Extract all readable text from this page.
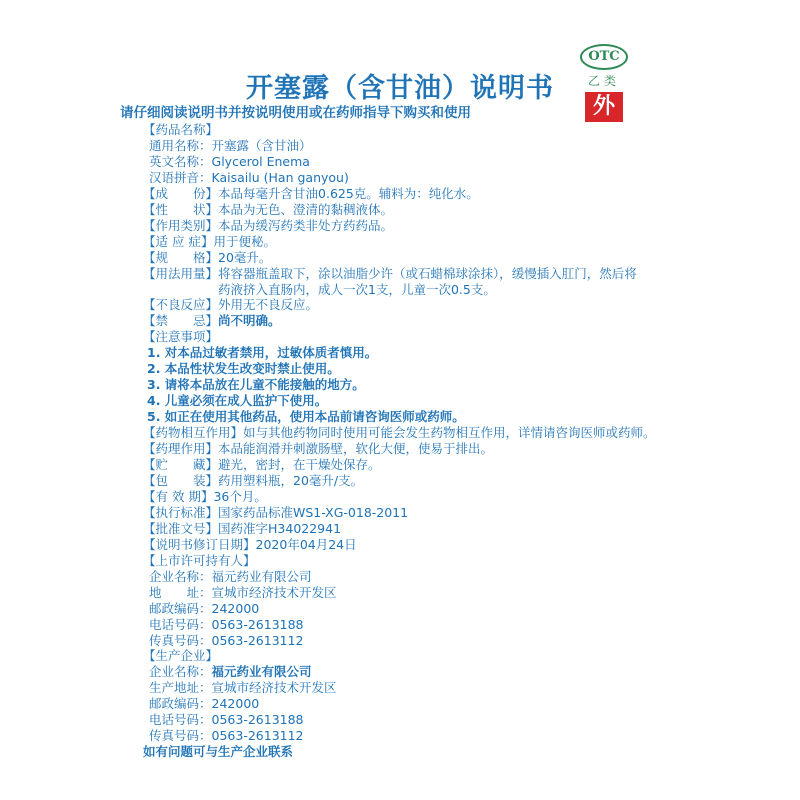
OTC
乙类
外
开塞露（含甘油）说明书
请仔细阅读说明书并按说明使用或在药师指导下购买和使用
【药品名称】
通用名称：开塞露（含甘油）
英文名称：Glycerol Enema
汉语拼音：Kaisailu (Han ganyou)
【成　　份】本品每毫升含甘油0.625克。辅料为：纯化水。
【性　　状】本品为无色、澄清的黏稠液体。
【作用类别】本品为缓泻药类非处方药药品。
【适 应 症】用于便秘。
【规　　格】20毫升。
【用法用量】将容器瓶盖取下，涂以油脂少许（或石蜡棉球涂抹），缓慢插入肛门，然后将
药液挤入直肠内，成人一次1支，儿童一次0.5支。
【不良反应】外用无不良反应。
【禁　　忌】尚不明确。
【注意事项】
1. 对本品过敏者禁用，过敏体质者慎用。
2. 本品性状发生改变时禁止使用。
3. 请将本品放在儿童不能接触的地方。
4. 儿童必须在成人监护下使用。
5. 如正在使用其他药品，使用本品前请咨询医师或药师。
【药物相互作用】如与其他药物同时使用可能会发生药物相互作用，详情请咨询医师或药师。
【药理作用】本品能润滑并刺激肠壁，软化大便，使易于排出。
【贮　　藏】避光，密封，在干燥处保存。
【包　　装】药用塑料瓶，20毫升/支。
【有 效 期】36个月。
【执行标准】国家药品标准WS1-XG-018-2011
【批准文号】国药准字H34022941
【说明书修订日期】2020年04月24日
【上市许可持有人】
企业名称：福元药业有限公司
地　　址：宣城市经济技术开发区
邮政编码：242000
电话号码：0563-2613188
传真号码：0563-2613112
【生产企业】
企业名称：福元药业有限公司
生产地址：宣城市经济技术开发区
邮政编码：242000
电话号码：0563-2613188
传真号码：0563-2613112
如有问题可与生产企业联系
